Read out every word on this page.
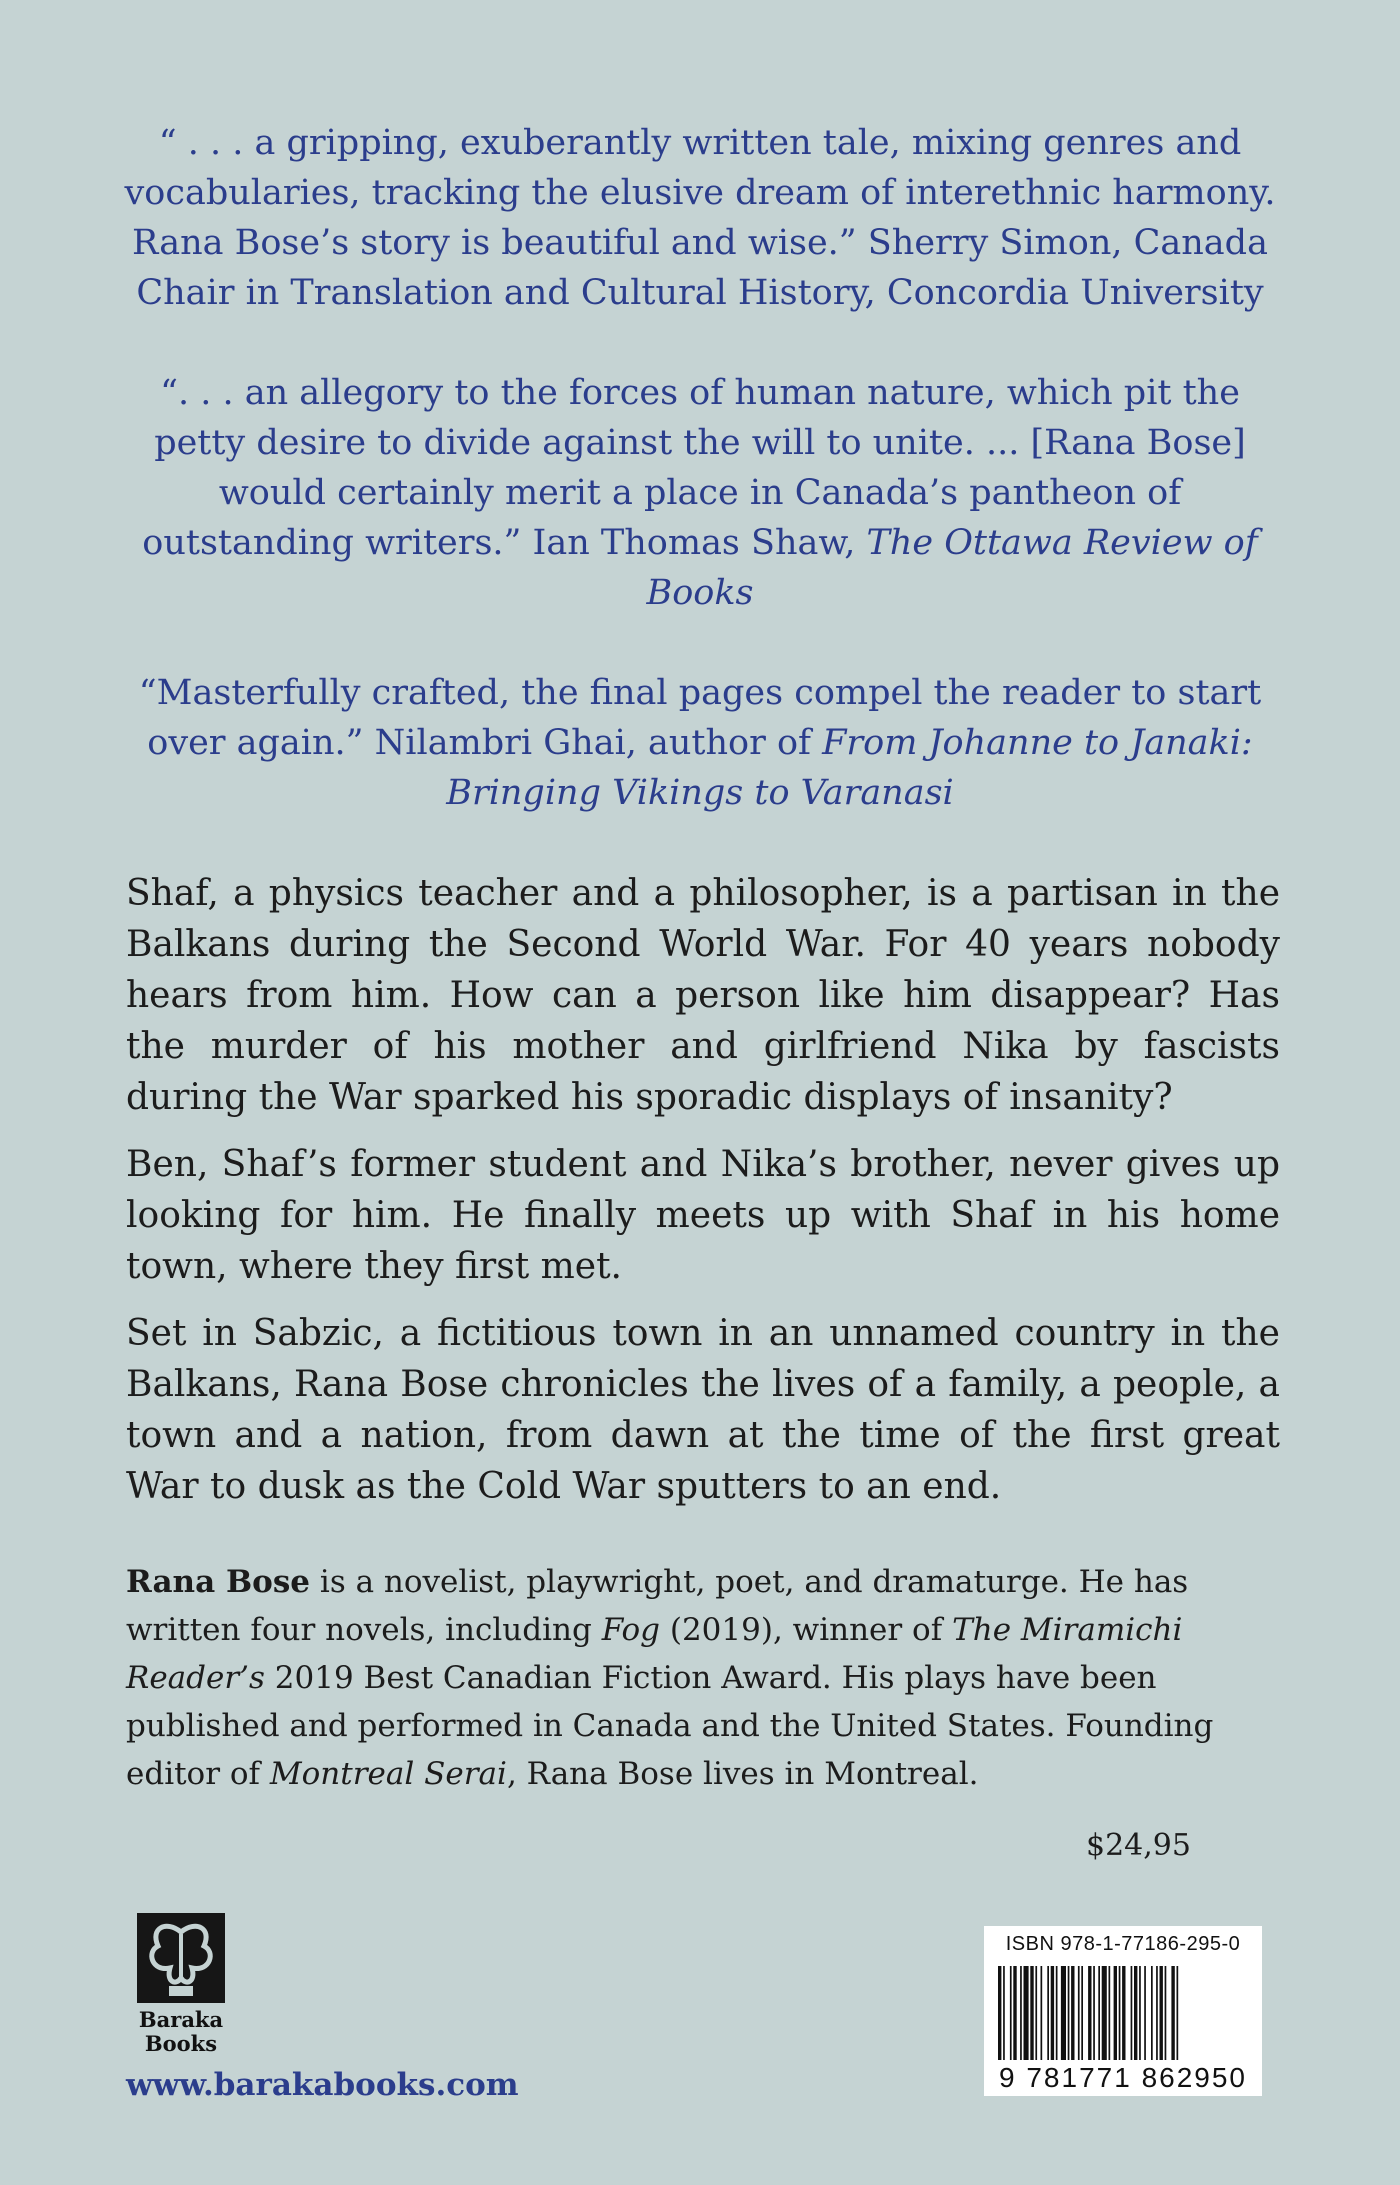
“ . . . a gripping, exuberantly written tale, mixing genres and vocabularies, tracking the elusive dream of interethnic harmony. Rana Bose’s story is beautiful and wise.” Sherry Simon, Canada Chair in Translation and Cultural History, Concordia University

“. . . an allegory to the forces of human nature, which pit the petty desire to divide against the will to unite. ... [Rana Bose] would certainly merit a place in Canada’s pantheon of outstanding writers.” Ian Thomas Shaw, The Ottawa Review of Books

“Masterfully crafted, the final pages compel the reader to start over again.” Nilambri Ghai, author of From Johanne to Janaki: Bringing Vikings to Varanasi

Shaf, a physics teacher and a philosopher, is a partisan in the Balkans during the Second World War. For 40 years nobody hears from him. How can a person like him disappear? Has the murder of his mother and girlfriend Nika by fascists during the War sparked his sporadic displays of insanity?

Ben, Shaf’s former student and Nika’s brother, never gives up looking for him. He finally meets up with Shaf in his home town, where they first met.

Set in Sabzic, a fictitious town in an unnamed country in the Balkans, Rana Bose chronicles the lives of a family, a people, a town and a nation, from dawn at the time of the first great War to dusk as the Cold War sputters to an end.

Rana Bose is a novelist, playwright, poet, and dramaturge. He has written four novels, including Fog (2019), winner of The Miramichi Reader’s 2019 Best Canadian Fiction Award. His plays have been published and performed in Canada and the United States. Founding editor of Montreal Serai, Rana Bose lives in Montreal.

$24,95
Baraka
Books
www.barakabooks.com
ISBN 978-1-77186-295-0
9 781771 862950
